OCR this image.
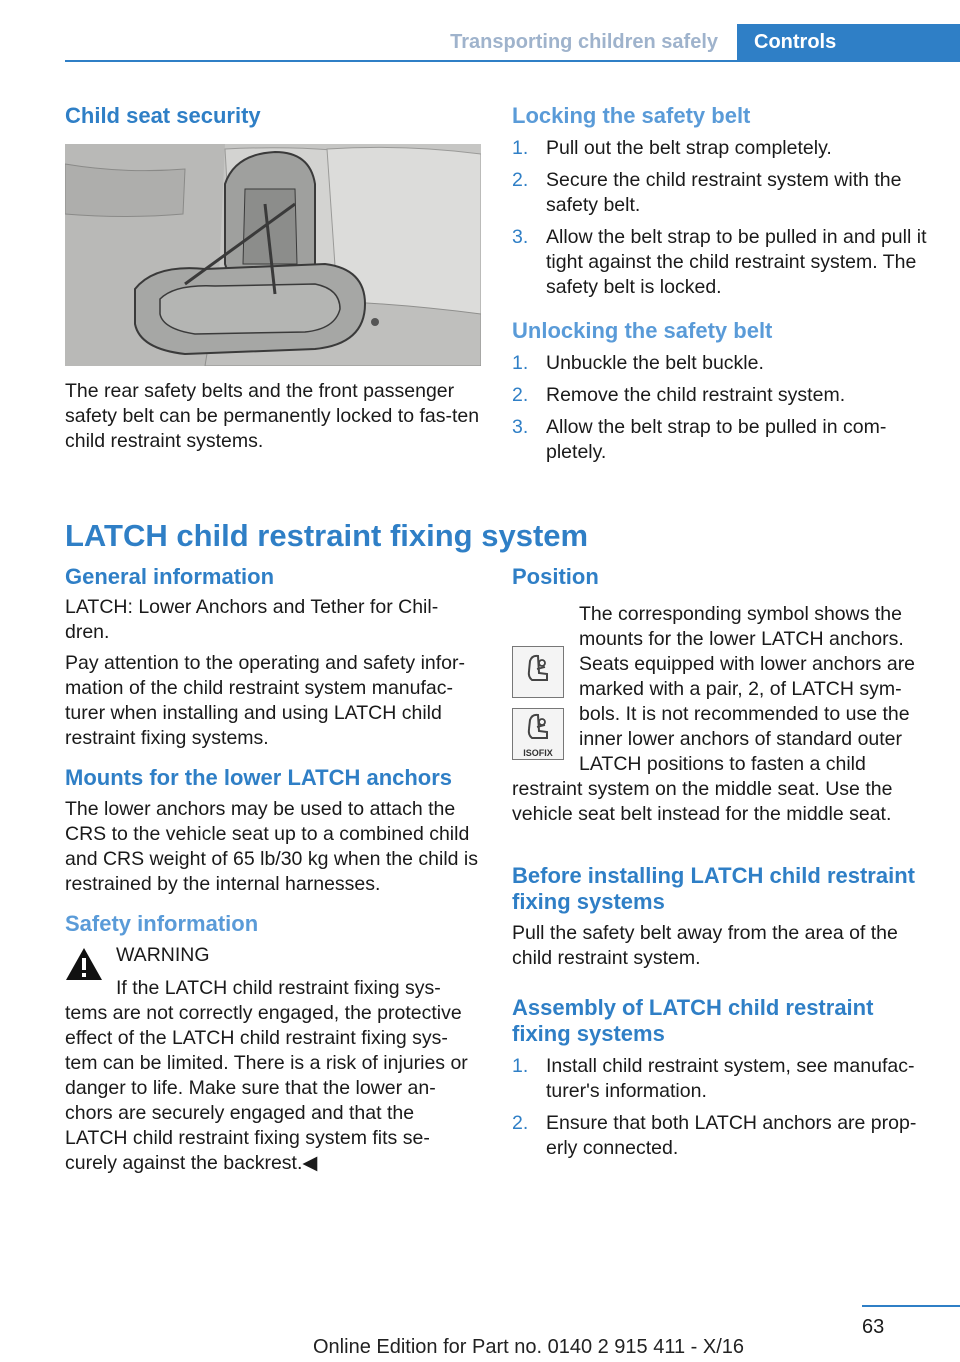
Transporting children safely Controls
Child seat security

The rear safety belts and the front passenger safety belt can be permanently locked to fas-ten child restraint systems.

Locking the safety belt
1. Pull out the belt strap completely.
2. Secure the child restraint system with the safety belt.
3. Allow the belt strap to be pulled in and pull it tight against the child restraint system. The safety belt is locked.
Unlocking the safety belt
1. Unbuckle the belt buckle.
2. Remove the child restraint system.
3. Allow the belt strap to be pulled in com-pletely.
LATCH child restraint fixing system
General information

LATCH: Lower Anchors and Tether for Chil-dren.

Pay attention to the operating and safety infor-mation of the child restraint system manufac-turer when installing and using LATCH child restraint fixing systems.

Mounts for the lower LATCH anchors

The lower anchors may be used to attach the CRS to the vehicle seat up to a combined child and CRS weight of 65 lb/30 kg when the child is restrained by the internal harnesses.

Safety information
WARNING

If the LATCH child restraint fixing sys-tems are not correctly engaged, the protective effect of the LATCH child restraint fixing sys-tem can be limited. There is a risk of injuries or danger to life. Make sure that the lower an-chors are securely engaged and that the LATCH child restraint fixing system fits se-curely against the backrest.◀

Position
ISOFIX

The corresponding symbol shows the mounts for the lower LATCH anchors. Seats equipped with lower anchors are marked with a pair, 2, of LATCH sym-bols. It is not recommended to use the inner lower anchors of standard outer LATCH positions to fasten a child restraint system on the middle seat. Use the vehicle seat belt instead for the middle seat.

Before installing LATCH child restraint fixing systems

Pull the safety belt away from the area of the child restraint system.

Assembly of LATCH child restraint fixing systems
1. Install child restraint system, see manufac-turer's information.
2. Ensure that both LATCH anchors are prop-erly connected.
63
Online Edition for Part no. 0140 2 915 411 - X/16
